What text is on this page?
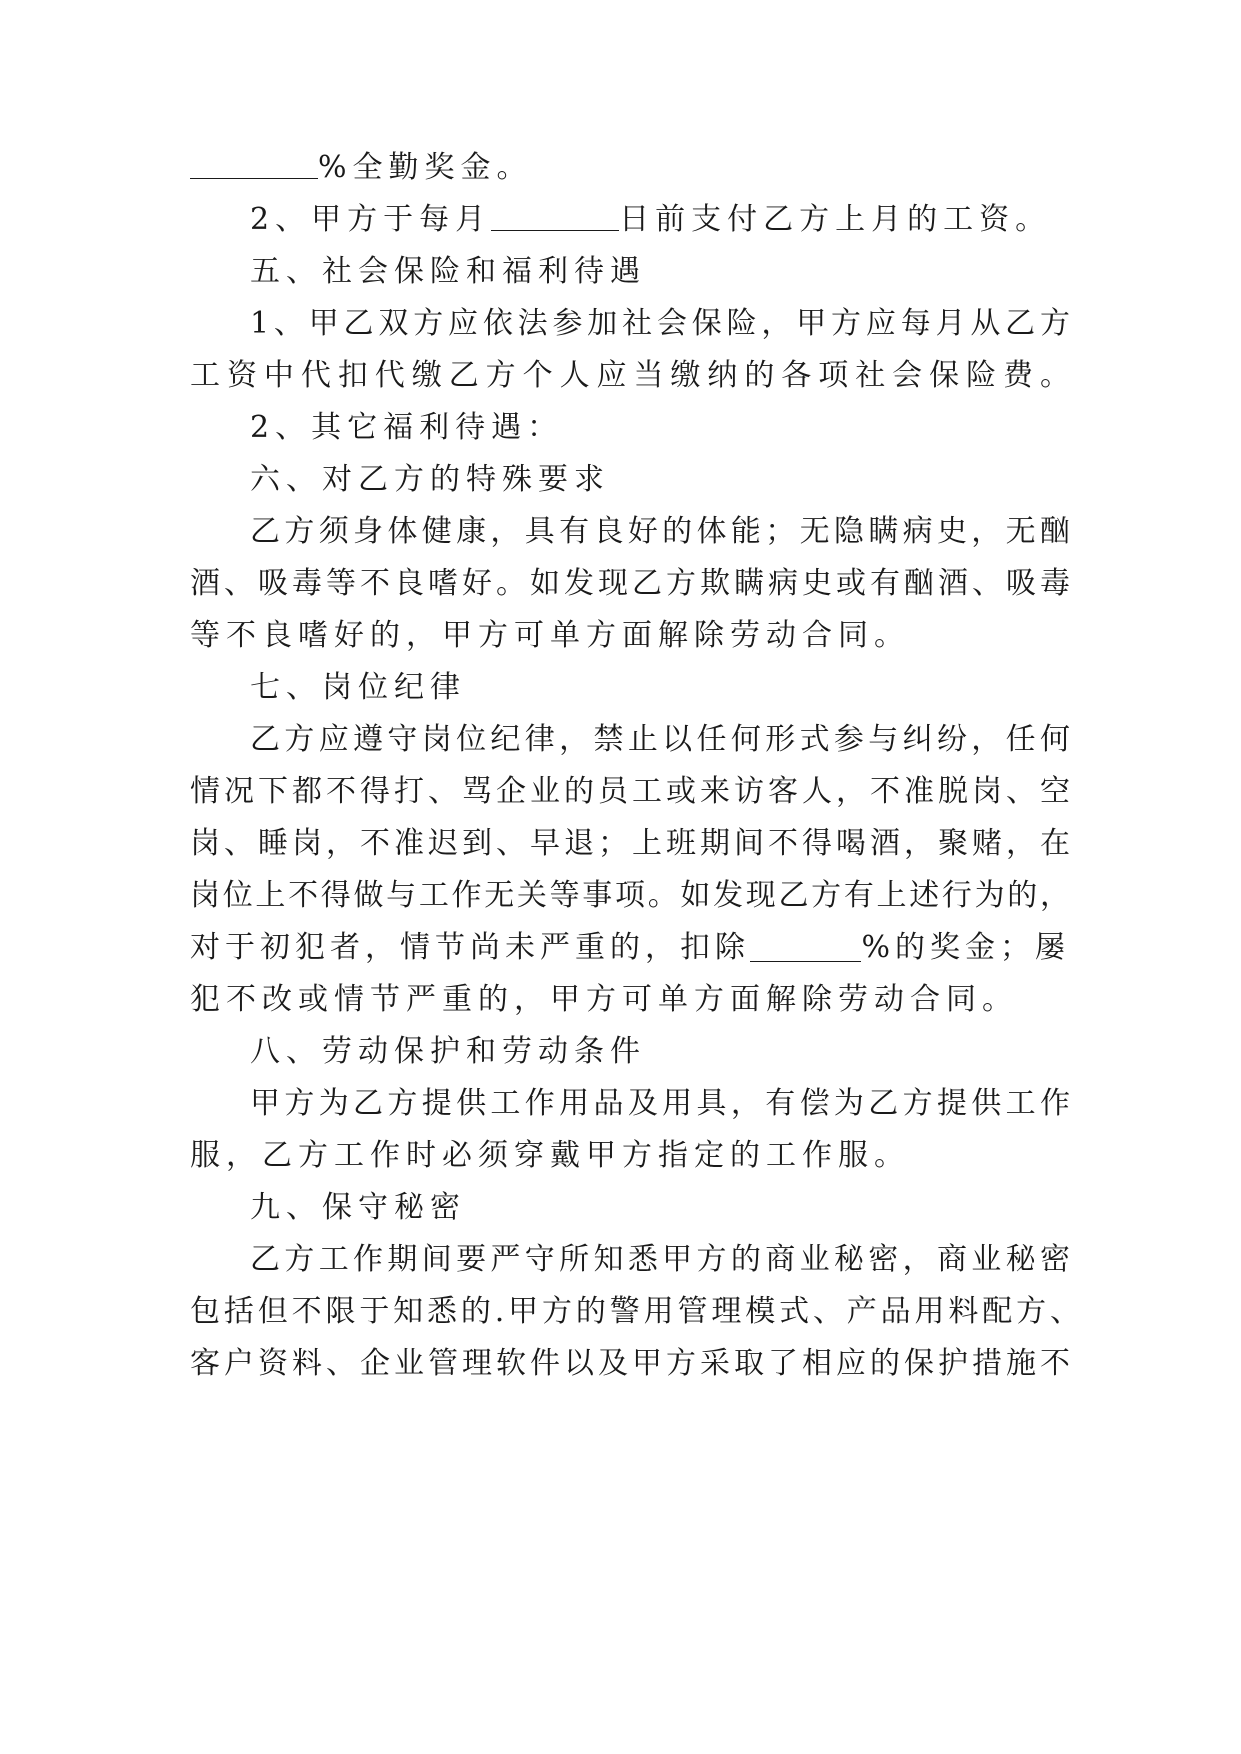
%全勤奖金。
2、甲方于每月	日前支付乙方上月的工资。
五、社会保险和福利待遇
1、甲乙双方应依法参加社会保险，甲方应每月从乙方
工资中代扣代缴乙方个人应当缴纳的各项社会保险费。
2、其它福利待遇：
六、对乙方的特殊要求
乙方须身体健康，具有良好的体能；无隐瞒病史，无酗
酒、吸毒等不良嗜好。如发现乙方欺瞒病史或有酗酒、吸毒
等不良嗜好的，甲方可单方面解除劳动合同。
七、岗位纪律
乙方应遵守岗位纪律，禁止以任何形式参与纠纷，任何
情况下都不得打、骂企业的员工或来访客人，不准脱岗、空
岗、睡岗，不准迟到、早退；上班期间不得喝酒，聚赌，在
岗位上不得做与工作无关等事项。如发现乙方有上述行为的，
对于初犯者，情节尚未严重的，扣除	%的奖金；屡
犯不改或情节严重的，甲方可单方面解除劳动合同。
八、劳动保护和劳动条件
甲方为乙方提供工作用品及用具，有偿为乙方提供工作
服，乙方工作时必须穿戴甲方指定的工作服。
九、保守秘密
乙方工作期间要严守所知悉甲方的商业秘密，商业秘密
包括但不限于知悉的.甲方的警用管理模式、产品用料配方、
客户资料、企业管理软件以及甲方采取了相应的保护措施不
